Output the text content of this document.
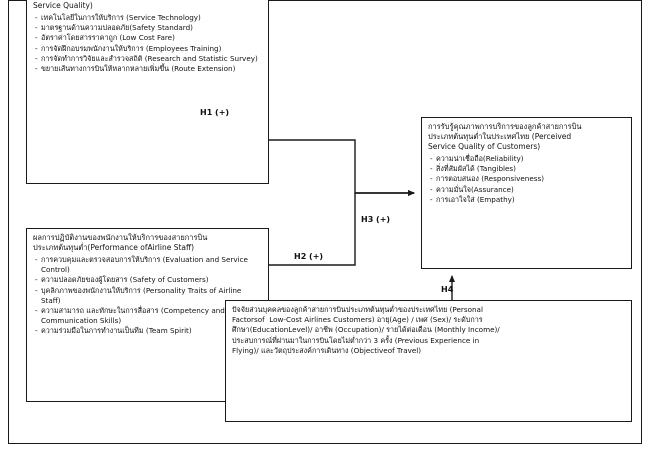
Service Quality)
- เทคโนโลยีในการให้บริการ (Service Technology)
- มาตรฐานด้านความปลอดภัย(Safety Standard)
- อัตราค่าโดยสารราคาถูก (Low Cost Fare)
- การจัดฝึกอบรมพนักงานให้บริการ (Employees Training)
- การจัดทำการวิจัยและสำรวจสถิติ (Research and Statistic Survey)
- ขยายเส้นทางการบินให้หลากหลายเพิ่มขึ้น (Route Extension)
ผลการปฏิบัติงานของพนักงานให้บริการของสายการบิน
ประเภทต้นทุนต่ำ(Performance ofAirline Staff)
- การควบคุมและตรวจสอบการให้บริการ (Evaluation and Service Control)
- ความปลอดภัยของผู้โดยสาร (Safety of Customers)
- บุคลิกภาพของพนักงานให้บริการ (Personality Traits of Airline Staff)
- ความสามารถ และทักษะในการสื่อสาร (Competency and Communication Skills)
- ความร่วมมือในการทำงานเป็นทีม (Team Spirit)
การรับรู้คุณภาพการบริการของลูกค้าสายการบิน
ประเภทต้นทุนต่ำในประเทศไทย (Perceived
Service Quality of Customers)
- ความน่าเชื่อถือ(Reliability)
- สิ่งที่สัมผัสได้ (Tangibles)
- การตอบสนอง (Responsiveness)
- ความมั่นใจ(Assurance)
- การเอาใจใส่ (Empathy)

ปัจจัยส่วนบุคคลของลูกค้าสายการบินประเภทต้นทุนต่ำของประเทศไทย (Personal
Factorsof  Low-Cost Airlines Customers) อายุ(Age) / เพศ (Sex)/ ระดับการ
ศึกษา(EducationLevel)/ อาชีพ (Occupation)/ รายได้ต่อเดือน (Monthly Income)/
ประสบการณ์ที่ผ่านมาในการบินโดยไม่ต่ำกว่า 3 ครั้ง (Previous Experience in
Flying)/ และวัตถุประสงค์การเดินทาง (Objectiveof Travel)

H1 (+)
H2 (+)
H3 (+)
H4
